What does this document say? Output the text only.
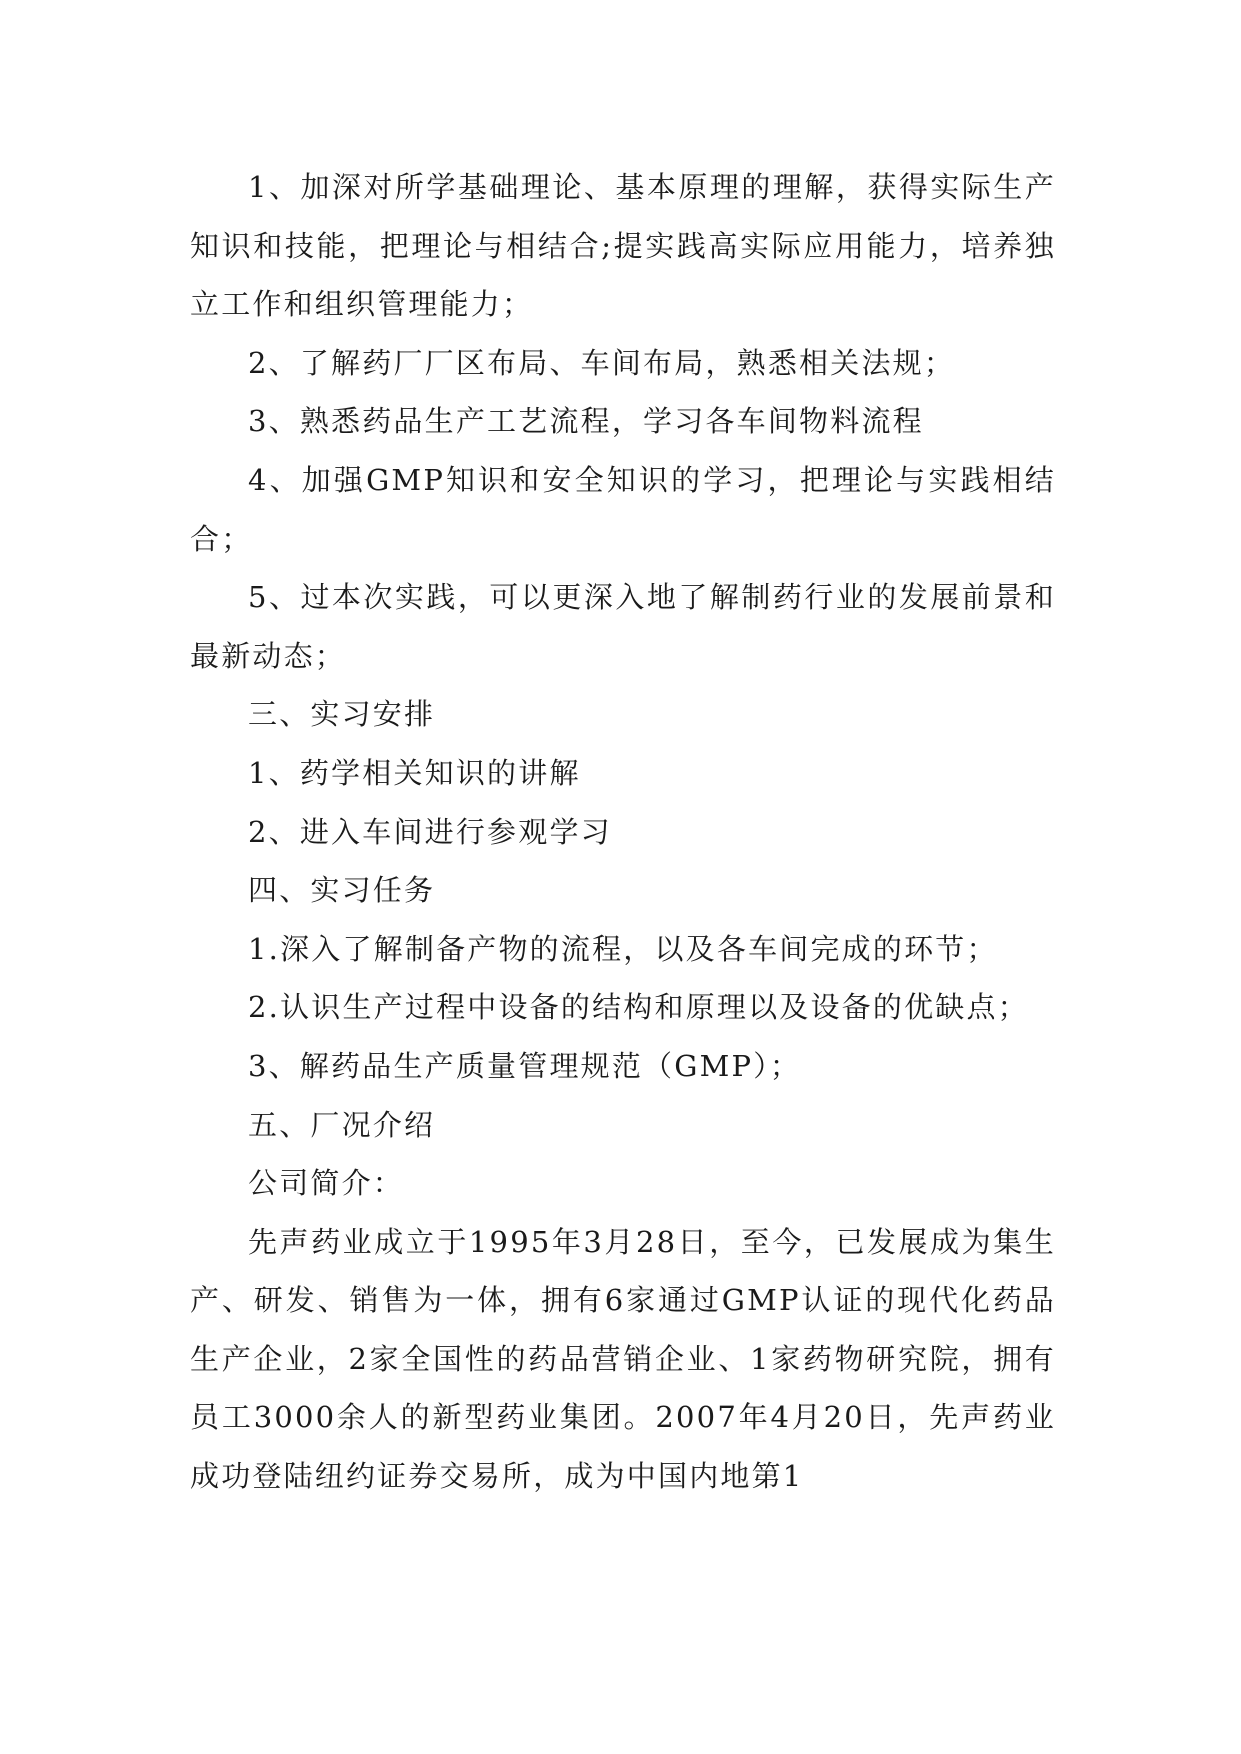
1、加深对所学基础理论、基本原理的理解，获得实际生产知识和技能，把理论与相结合;提实践高实际应用能力，培养独立工作和组织管理能力；

2、了解药厂厂区布局、车间布局，熟悉相关法规；

3、熟悉药品生产工艺流程，学习各车间物料流程

4、加强GMP知识和安全知识的学习，把理论与实践相结合；

5、过本次实践，可以更深入地了解制药行业的发展前景和最新动态；

三、实习安排

1、药学相关知识的讲解

2、进入车间进行参观学习

四、实习任务

1.深入了解制备产物的流程，以及各车间完成的环节；

2.认识生产过程中设备的结构和原理以及设备的优缺点；

3、解药品生产质量管理规范（GMP）；

五、厂况介绍

公司简介：

先声药业成立于1995年3月28日，至今，已发展成为集生产、研发、销售为一体，拥有6家通过GMP认证的现代化药品生产企业，2家全国性的药品营销企业、1家药物研究院，拥有员工3000余人的新型药业集团。2007年4月20日，先声药业成功登陆纽约证券交易所，成为中国内地第1
